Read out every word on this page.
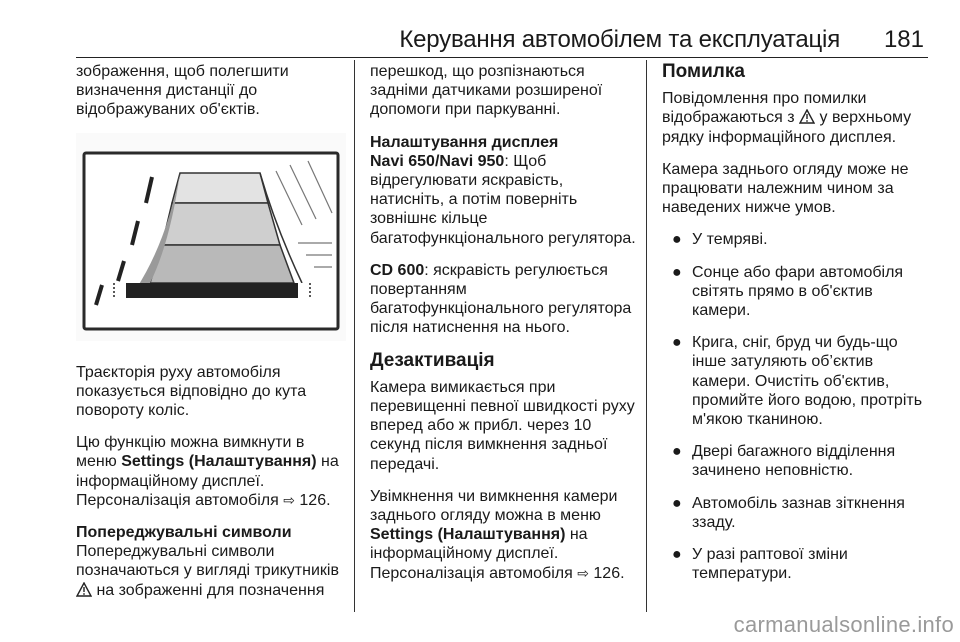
Керування автомобілем та експлуатація 181

зображення, щоб полегшити визначення дистанції до відображуваних об'єктів.

Траєкторія руху автомобіля показується відповідно до кута повороту коліс.

Цю функцію можна вимкнути в меню Settings (Налаштування) на інформаційному дисплеї. Персоналізація автомобіля ⇨ 126.

Попереджувальні символи

Попереджувальні символи позначаються у вигляді трикутників  на зображенні для позначення

перешкод, що розпізнаються задніми датчиками розширеної допомоги при паркуванні.

Налаштування дисплея

Navi 650/Navi 950: Щоб відрегулювати яскравість, натисніть, а потім поверніть зовнішнє кільце багатофункціонального регулятора.

CD 600: яскравість регулюється повертанням багатофункціонального регулятора після натиснення на нього.

Дезактивація

Камера вимикається при перевищенні певної швидкості руху вперед або ж прибл. через 10 секунд після вимкнення задньої передачі.

Увімкнення чи вимкнення камери заднього огляду можна в меню Settings (Налаштування) на інформаційному дисплеї. Персоналізація автомобіля ⇨ 126.

Помилка

Повідомлення про помилки відображаються з  у верхньому рядку інформаційного дисплея.

Камера заднього огляду може не працювати належним чином за наведених нижче умов.

● У темряві.
● Сонце або фари автомобіля світять прямо в об'єктив камери.
● Крига, сніг, бруд чи будь-що інше затуляють об’єктив камери. Очистіть об'єктив, промийте його водою, протріть м'якою тканиною.
● Двері багажного відділення зачинено неповністю.
● Автомобіль зазнав зіткнення ззаду.
● У разі раптової зміни температури.
carmanualsonline.info
